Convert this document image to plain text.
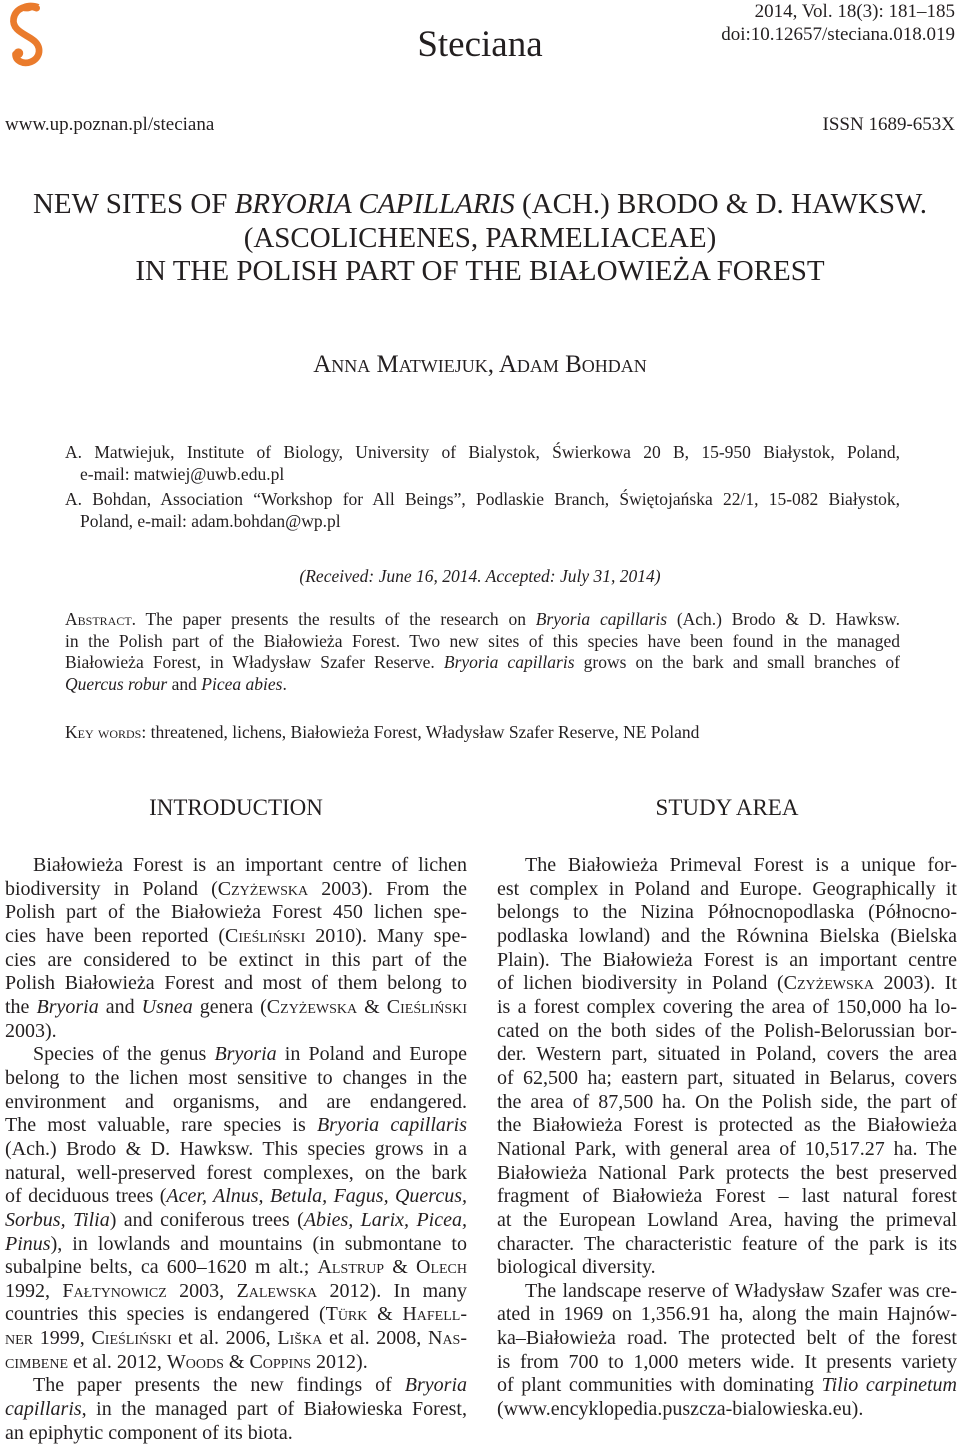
Steciana
2014, Vol. 18(3): 181–185
doi:10.12657/steciana.018.019
www.up.poznan.pl/steciana	ISSN 1689-653X
NEW SITES OF BRYORIA CAPILLARIS (ACH.) BRODO & D. HAWKSW.
(ASCOLICHENES, PARMELIACEAE)
IN THE POLISH PART OF THE BIAŁOWIEŻA FOREST
Anna Matwiejuk, Adam Bohdan
A. Matwiejuk, Institute of Biology, University of Bialystok, Świerkowa 20 B, 15-950 Białystok, Poland,
e-mail: matwiej@uwb.edu.pl
A. Bohdan, Association “Workshop for All Beings”, Podlaskie Branch, Świętojańska 22/1, 15-082 Białystok,
Poland, e-mail: adam.bohdan@wp.pl
(Received: June 16, 2014. Accepted: July 31, 2014)
Abstract. The paper presents the results of the research on Bryoria capillaris (Ach.) Brodo & D. Hawksw.
in the Polish part of the Białowieża Forest. Two new sites of this species have been found in the managed
Białowieża Forest, in Władysław Szafer Reserve. Bryoria capillaris grows on the bark and small branches of
Quercus robur and Picea abies.
Key words: threatened, lichens, Białowieża Forest, Władysław Szafer Reserve, NE Poland
INTRODUCTION
Białowieża Forest is an important centre of lichen
biodiversity in Poland (Czyżewska 2003). From the
Polish part of the Białowieża Forest 450 lichen spe-
cies have been reported (Cieśliński 2010). Many spe-
cies are considered to be extinct in this part of the
Polish Białowieża Forest and most of them belong to
the Bryoria and Usnea genera (Czyżewska & Cieśliński
2003).
Species of the genus Bryoria in Poland and Europe
belong to the lichen most sensitive to changes in the
environment and organisms, and are endangered.
The most valuable, rare species is Bryoria capillaris
(Ach.) Brodo & D. Hawksw. This species grows in a
natural, well-preserved forest complexes, on the bark
of deciduous trees (Acer, Alnus, Betula, Fagus, Quercus,
Sorbus, Tilia) and coniferous trees (Abies, Larix, Picea,
Pinus), in lowlands and mountains (in submontane to
subalpine belts, ca 600–1620 m alt.; Alstrup & Olech
1992, Fałtynowicz 2003, Zalewska 2012). In many
countries this species is endangered (Türk & Hafell-
ner 1999, Cieśliński et al. 2006, Liška et al. 2008, Nas-
cimbene et al. 2012, Woods & Coppins 2012).
The paper presents the new findings of Bryoria
capillaris, in the managed part of Białowieska Forest,
an epiphytic component of its biota.
STUDY AREA
The Białowieża Primeval Forest is a unique for-
est complex in Poland and Europe. Geographically it
belongs to the Nizina Północnopodlaska (Północno-
podlaska lowland) and the Równina Bielska (Bielska
Plain). The Białowieża Forest is an important centre
of lichen biodiversity in Poland (Czyżewska 2003). It
is a forest complex covering the area of 150,000 ha lo-
cated on the both sides of the Polish-Belorussian bor-
der. Western part, situated in Poland, covers the area
of 62,500 ha; eastern part, situated in Belarus, covers
the area of 87,500 ha. On the Polish side, the part of
the Białowieża Forest is protected as the Białowieża
National Park, with general area of 10,517.27 ha. The
Białowieża National Park protects the best preserved
fragment of Białowieża Forest – last natural forest
at the European Lowland Area, having the primeval
character. The characteristic feature of the park is its
biological diversity.
The landscape reserve of Władysław Szafer was cre-
ated in 1969 on 1,356.91 ha, along the main Hajnów-
ka–Białowieża road. The protected belt of the forest
is from 700 to 1,000 meters wide. It presents variety
of plant communities with dominating Tilio carpinetum
(www.encyklopedia.puszcza-bialowieska.eu).
